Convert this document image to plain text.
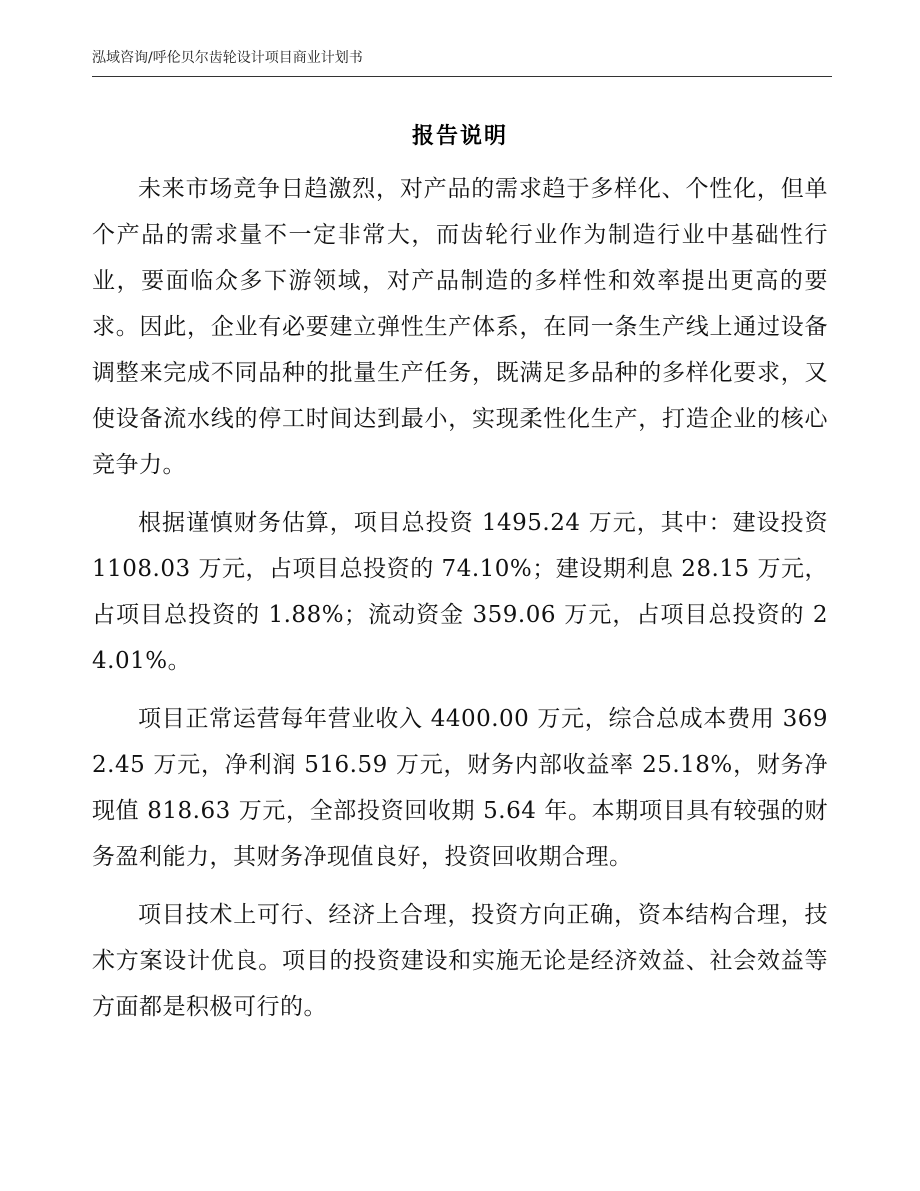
泓域咨询/呼伦贝尔齿轮设计项目商业计划书
报告说明

未来市场竞争日趋激烈，对产品的需求趋于多样化、个性化，但单个产品的需求量不一定非常大，而齿轮行业作为制造行业中基础性行业，要面临众多下游领域，对产品制造的多样性和效率提出更高的要求。因此，企业有必要建立弹性生产体系，在同一条生产线上通过设备调整来完成不同品种的批量生产任务，既满足多品种的多样化要求，又使设备流水线的停工时间达到最小，实现柔性化生产，打造企业的核心竞争力。

根据谨慎财务估算，项目总投资 1495.24 万元，其中：建设投资 1108.03 万元，占项目总投资的 74.10%；建设期利息 28.15 万元，占项目总投资的 1.88%；流动资金 359.06 万元，占项目总投资的 24.01%。

项目正常运营每年营业收入 4400.00 万元，综合总成本费用 3692.45 万元，净利润 516.59 万元，财务内部收益率 25.18%，财务净现值 818.63 万元，全部投资回收期 5.64 年。本期项目具有较强的财务盈利能力，其财务净现值良好，投资回收期合理。

项目技术上可行、经济上合理，投资方向正确，资本结构合理，技术方案设计优良。项目的投资建设和实施无论是经济效益、社会效益等方面都是积极可行的。
